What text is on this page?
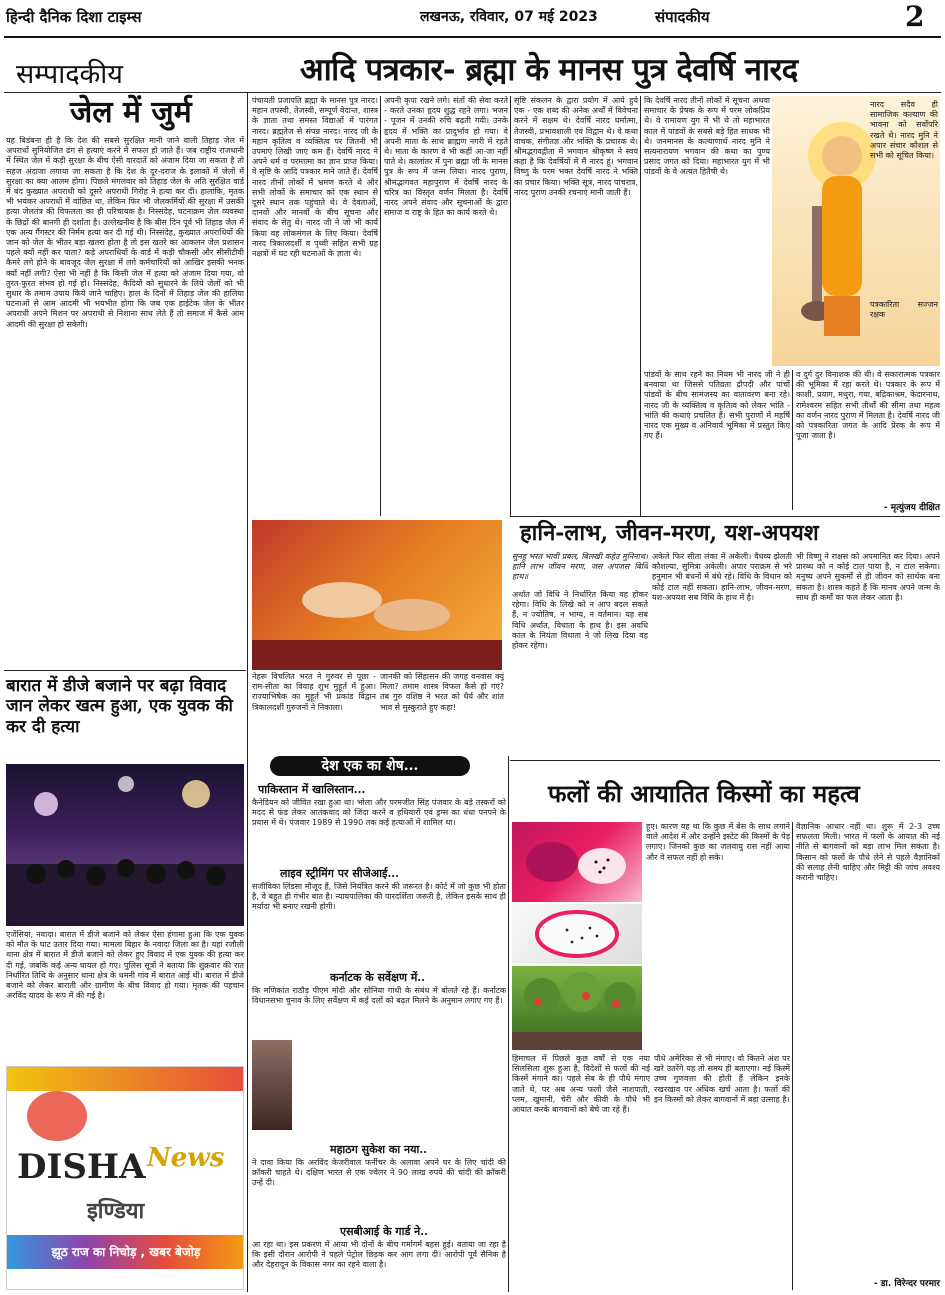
हिन्दी दैनिक दिशा टाइम्स	लखनऊ, रविवार, 07 मई 2023	संपादकीय	2
सम्पादकीय	आदि पत्रकार- ब्रह्मा के मानस पुत्र देवर्षि नारद
जेल में जुर्म
यह बिडंबना ही है कि देश की सबसे सुरक्षित मानी जाने वाली तिहाड़ जेल में अपराधों सुनियोजित ढंग से हत्याएं करने में सफल हो जाते हैं। जब राष्ट्रीय राजधानी में स्थित जेल में कड़ी सुरक्षा के बीच ऐसी वारदातें को अंजाम दिया जा सकता है तो सहज अंदाजा लगाया जा सकता है कि देश के दूर-दराज के इलाकों में जेलों में सुरक्षा का क्या आलम होगा। पिछले मंगलवार को तिहाड़ जेल के अति सुरक्षित वार्ड में बंद कुख्यात अपराधी को दूसरे अपराधी गिरोह ने हत्या कर दी। हालांकि, मृतक भी भयंकर अपराधों में वांछित था, लेकिन फिर भी जेलकर्मियों की सुरक्षा में उसकी हत्या जेलतंत्र की विफलता का ही परिचायक है। निस्संदेह, घटनाक्रम जेल व्यवस्था के छिद्रों की बानगी ही दर्शाता है। उल्लेखनीय है कि बीस दिन पूर्व भी तिहाड़ जेल में एक अन्य गैंगस्टर की निर्मम हत्या कर दी गई थी। निस्संदेह, कुख्यात अपराधियों की जान को जेल के भीतर बड़ा खतरा होता है तो इस खतरे का आकलन जेल प्रशासन पहले क्यों नहीं कर पाता? कड़े अपराधियों के वार्ड में कड़ी चौकसी और सीसीटीवी कैमरे लगे होने के बावजूद जेल सुरक्षा में लगे कर्मचारियों को आखिर इसकी भनक क्यों नहीं लगी? ऐसा भी नहीं है कि किसी जेल में हत्या को अंजाम दिया गया, वो तुरत-फुरत संभव हो गई हो। निस्संदेह, कैदियों को सुधारने के लिये जेलों को भी सुधार के तमाम उपाय किये जाने चाहिए। हाल के दिनों में तिहाड़ जेल की हालिया घटनाओं से आम आदमी भी भयभीत होगा कि जब एक हाईटेक जेल के भीतर अपराधी अपने मिशन पर अपराधी से निशाना साध लेते हैं तो समाज में कैसे आम आदमी की सुरक्षा हो सकेगी।
बारात में डीजे बजाने पर बढ़ा विवाद जान लेकर खत्म हुआ, एक युवक की कर दी हत्या
एजेंसियां, नवादा। बारात में डीजे बजाने को लेकर ऐसा हंगामा हुआ कि एक युवक को मौत के घाट उतार दिया गया। मामला बिहार के नवादा जिला का है। यहां रजौली थाना क्षेत्र में बारात में डीजे बजाने को लेकर हुए विवाद में एक युवक की हत्या कर दी गई, जबकि कई अन्य घायल हो गए। पुलिस सूत्रों ने बताया कि शुक्रवार की रात निर्धारित तिथि के अनुसार थाना क्षेत्र के धमनी गांव में बारात आई थी। बारात में डीजे बजाने को लेकर बाराती और ग्रामीण के बीच विवाद हो गया। मृतक की पहचान अरविंद यादव के रूप में की गई है।
DISHA News
इण्डिया
झूठ राज का निचोड़ , खबर बेजोड़
पंचायती प्रजापति ब्रह्मा के मानस पुत्र नारद। महान तपस्वी, तेजस्वी, सम्पूर्ण वेदान्त, शास्त्र के ज्ञाता तथा समस्त विद्याओं में पारंगत नारद। ब्रह्मतेज से संपन्न नारद। नारद जी के महान कृतित्व व व्यक्तित्व पर जितनी भी उपमाएं लिखी जाएं कम हैं। देवर्षि नारद ने अपने धर्म व परमात्मा का ज्ञान प्राप्त किया। वे सृष्टि के आदि पत्रकार माने जाते हैं। देवर्षि नारद तीनों लोकों में भ्रमण करते थे और सभी लोकों के समाचार को एक स्थान से दूसरे स्थान तक पहुंचाते थे। वे देवताओं, दानवों और मानवों के बीच सूचना और संवाद के सेतु थे। नारद जी ने जो भी कार्य किया वह लोकमंगल के लिए किया। देवर्षि नारद त्रिकालदर्शी व पृथ्वी सहित सभी ग्रह नक्षत्रों में घट रही घटनाओं के ज्ञाता थे।
अपनी कृपा रखने लगे। संतों की सेवा करते - करते उनका हृदय शुद्ध रहने लगा। भजन - पूजन में उनकी रुचि बढ़ती गयी। उनके हृदय में भक्ति का प्रादुर्भाव हो गया। वे अपनी माता के साथ ब्राह्मण नगरी में रहते थे। माता के कारण वे भी कहीं आ-जा नहीं पाते थे। कालांतर में पुनः ब्रह्मा जी के मानस पुत्र के रूप में जन्म लिया। नारद पुराण, श्रीमद्भागवत महापुराण में देवर्षि नारद के चरित्र का विस्तृत वर्णन मिलता है। देवर्षि नारद अपने संवाद और सूचनाओं के द्वारा समाज व राष्ट्र के हित का कार्य करते थे।
सृष्टि संकलन के द्वारा प्रयोग में आये हुये एक - एक शब्द की अनेक अर्थों में विवेचना करने में सक्षम थे। देवर्षि नारद धर्मात्मा, तेजस्वी, प्रभावशाली एवं विद्वान थे। वे कथा वाचक, संगीतज्ञ और भक्ति के प्रचारक थे। श्रीमद्भगवद्गीता में भगवान श्रीकृष्ण ने स्वयं कहा है कि देवर्षियों में मैं नारद हूं। भगवान विष्णु के परम भक्त देवर्षि नारद ने भक्ति का प्रचार किया। भक्ति सूत्र, नारद पांचरात्र, नारद पुराण उनकी रचनाएं मानी जाती हैं।
कि देवर्षि नारद तीनों लोकों में सूचना अथवा समाचार के प्रेषक के रूप में परम लोकप्रिय थे। वे रामायण युग में भी थे तो महाभारत काल में पांडवों के सबसे बड़े हित साधक भी थे। जनमानस के कल्याणार्थ नारद मुनि ने सत्यनारायण भगवान की कथा का पुण्य प्रसाद जगत को दिया। महाभारत युग में भी पांडवों के वे अत्यंत हितैषी थे।
नारद सदैव ही सामाजिक कल्याण की भावना को सर्वोपरि रखते थे। नारद मुनि ने अपार संचार कौशल से सभी को सूचित किया।
पत्रकारिता सज्जन रक्षक
पांडवों के साथ रहने का नियम भी नारद जी ने ही बनवाया था जिससे पतिव्रता द्रौपदी और पांचों पांडवों के बीच सामंजस्य का वातावरण बना रहे। नारद जी के व्यक्तित्व व कृतित्व को लेकर भांति - भांति की कथाएं प्रचलित हैं। सभी पुराणों में महर्षि नारद एक मुख्य व अनिवार्य भूमिका में प्रस्तुत किए गए हैं।
व दुर्ग दुर विनाशक की थी। वे सकारात्मक पत्रकार की भूमिका में रहा करते थे। पत्रकार के रूप में काशी, प्रयाग, मथुरा, गया, बद्रिकाश्रम, केदारनाथ, रामेश्वरम सहित सभी तीर्थों की सीमा तथा महत्व का वर्णन नारद पुराण में मिलता है। देवर्षि नारद जी को पत्रकारिता जगत के आदि प्रेरक के रूप में पूजा जाता है।
- मृत्युंजय दीक्षित
नेहरू विचलित भरत ने गुरुवर से पूछा - राम-सीता का विवाह शुभ मुहूर्त में हुआ। राज्याभिषेक का मुहूर्त भी प्रकांड विद्वान त्रिकालदर्शी गुरुजनों ने निकाला।
जानकी को सिंहासन की जगह वनवास क्यूं मिला? तमाम शास्त्र विफल कैसे हो गए? तब गुरु वशिष्ठ ने भरत को धैर्य और शांत भाव से मुस्कुराते हुए कहा!
हानि-लाभ, जीवन-मरण, यश-अपयश
सुनहु भरत भावी प्रबल, बिलखी कहेउ मुनिनाथ। हानि लाभ जीवन मरण, जस अपजस बिधि हाथ॥
अर्थात जो विधि ने निर्धारित किया वह होकर रहेगा। विधि के लिखे को न आप बदल सकते हैं, न ज्योतिष, न भाग्य, न वर्तमान। यह सब विधि अर्थात, विधाता के हाथ है। इस अवधि काल के नियंता विधाता ने जो लिख दिया वह होकर रहेगा।
अकेले फिर सीता लंका में अकेली। वैधव्य झेलती कौशल्या, सुमित्रा अकेली। अपार पराक्रम से भरे हनुमान भी बंधनों में बंधे रहे। विधि के विधान को कोई टाल नहीं सकता। हानि-लाभ, जीवन-मरण, यश-अपयश सब विधि के हाथ में है।
भी विष्णु ने राक्षस को अपमानित कर दिया। अपने प्रारब्ध को न कोई टाल पाया है, न टाल सकेगा। मनुष्य अपने सुकर्मों से ही जीवन को सार्थक बना सकता है। शास्त्र कहते हैं कि मानव अपने जन्म के साथ ही कर्मों का फल लेकर आता है।
देश एक का शेष...
पाकिस्तान में खालिस्तान...
कैनेडियन को जीवित रखा हुआ था। भोला और परमजीत सिंह पंजवार के बड़े तस्करों को मदद से फंड लेकर आतंकवाद को जिंदा करने व हथियारों एवं ड्रग्स का धंधा पनपने के प्रयास में थे। पंजवार 1989 से 1990 तक कई हत्याओं में शामिल था।
लाइव स्ट्रीमिंग पर सीजेआई...
सजीविका लिंडसा मौजूद हैं, जिसे नियंत्रित करने की जरूरत है। कोर्ट में जो कुछ भी होता है, वे बहुत ही गंभीर बात है। न्यायपालिका की पारदर्शिता जरूरी है, लेकिन इसके साथ ही मर्यादा भी बनाए रखनी होगी।
कर्नाटक के सर्वेक्षण में..
कि मणिकांत राठौड़ पीएम मोदी और सोनिया गांधी के संबंध में बोलते रहे हैं। कर्नाटक विधानसभा चुनाव के लिए सर्वेक्षण में कई दलों को बढ़त मिलने के अनुमान लगाए गए हैं।
महाठग सुकेश का नया..
ने दावा किया कि अरविंद केजरीवाल फर्नीचर के अलावा अपने घर के लिए चांदी की क्रॉकरी चाहते थे। दक्षिण भारत से एक ज्वेलर ने 90 लाख रुपये की चांदी की क्रॉकरी उन्हें दी।
एसबीआई के गार्ड ने..
आ रहा था। इस प्रकरण में आया भी दोनों के बीच गर्मागर्म बहस हुई। बताया जा रहा है कि इसी दौरान आरोपी ने पहले पेट्रोल छिड़क कर आग लगा दी। आरोपी पूर्व सैनिक है और देहरादून के विकास नगर का रहने वाला है।
फलों की आयातित किस्मों का महत्व
हूए। कारण यह था कि कुछ में बेस के साथ लगाने वाले आदेश में और उन्होंने इस्टेट की किस्मों के पेड़ लगाए। जिनको कुछ का जलवायु रास नहीं आया और वे सफल नहीं हो सके।
हिमाचल में पिछले कुछ वर्षों से एक नया सिलसिला शुरू हुआ है, विदेशों से फलों की नई किस्में मंगाने का। पहले सेब के ही पौधे मंगाए जाते थे, पर अब अन्य फलों जैसे नाशपाती, प्लम, खुमानी, चेरी और कीवी के पौधे भी आयात करके बागवानों को बेचे जा रहे हैं।
पौधे अमेरिका से भी मंगाए। वो कितने अंश पर खरे उतरेंगे यह तो समय ही बताएगा। नई किस्में उच्च गुणवत्ता की होती हैं लेकिन इनके रखरखाव पर अधिक खर्च आता है। फलों की इन किस्मों को लेकर बागवानों में बड़ा उत्साह है।
वैज्ञानिक आधार नहीं था। शुरू में 2-3 उच्च सफलता मिली। भारत में फलों के आयात की नई नीति से बागवानों को बड़ा लाभ मिल सकता है। किसान को फलों के पौधे लेने से पहले वैज्ञानिकों की सलाह लेनी चाहिए और मिट्टी की जांच अवश्य करानी चाहिए।
- डा. विरेन्दर परमार
